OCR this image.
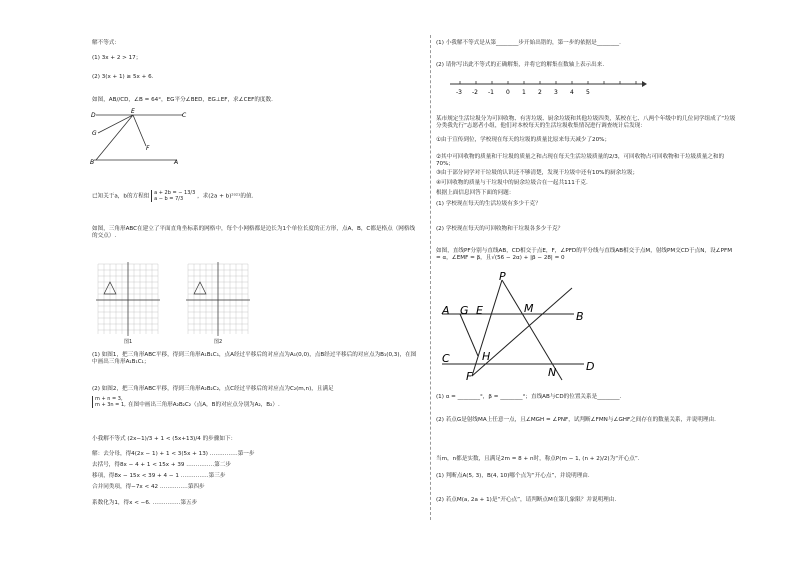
解不等式：
(1) 3x + 2 > 17；
(2) 3(x + 1) ≥ 5x + 6.
如图，AB//CD，∠B = 64°，EG平分∠BED，EG⊥EF，求∠CEF的度数.
D
E
C
G
F
B	A
已知关于a，b的方程组 a + 2b = − 13/3
a − b = 7/3 ，求(2a + b)²⁰²¹的值.
如图，三角形ABC在建立了平面直角坐标系的网格中，每个小网格都是边长为1个单位长度的正方形，点A，B，C都是格点（网格线的交点）.
图1	图2
(1) 如图1，把三角形ABC平移，得到三角形A₁B₁C₁，点A经过平移后的对应点为A₁(0,0)，点B经过平移后的对应点为B₁(0,3)，在图中画出三角形A₁B₁C₁；
(2) 如图2，把三角形ABC平移，得到三角形A₂B₂C₂，点C经过平移后的对应点为C₂(m,n)，且满足
m + n = 3,
m + 3n = 1, 在图中画出三角形A₂B₂C₂（点A，B的对应点分别为A₂，B₂）.
小我解不等式 (2x−1)/3 + 1 < (5x+13)/4 的步骤如下：
解：去分母，得4(2x − 1) + 1 < 3(5x + 13) ……………第一步
去括号，得8x − 4 + 1 < 15x + 39 ……………第二步
移项，得8x − 15x < 39 + 4 − 1 ……………第三步
合并同类项，得−7x < 42 ……………第四步
系数化为1，得x < −6. ……………第五步
(1) 小我解不等式是从第________步开始出错的，第一步的依据是________.
(2) 请你写出此不等式的正确解集，并将它的解集在数轴上表示出来.
-3 -2 -1 0 1 2 3 4 5
某市规定生活垃圾分为可回收物、有害垃圾、厨余垃圾和其他垃圾四类，某校在七、八两个年级中的几位同学组成了“垃圾分类我先行”志愿者小组，他们对本校每天的生活垃圾收集情况进行调查统计后发现：
①由于宣传到位，学校现在每天的垃圾的质量比原来每天减少了20%；
②其中可回收物的质量和干垃圾的质量之和占现在每天生活垃圾质量的2/3，可回收物占可回收物和干垃圾质量之和的70%；
③由于部分同学对干垃圾的认识还不够清楚，发现干垃圾中还有10%的厨余垃圾；
④可回收物的质量与干垃圾中的厨余垃圾合在一起共111千克.
根据上面信息回答下面的问题：
(1) 学校现在每天的生活垃圾有多少千克？
(2) 学校现在每天的可回收物和干垃圾各多少千克？
如图，直线PF分别与直线AB，CD相交于点E，F，∠PFD的平分线与直线AB相交于点M，射线PM交CD于点N，设∠PFM = α，∠EMF = β，且√(56 − 2α) + |β − 28| = 0
P
A G E	M
B
C	H
D
F	N
(1) α = ________°，β = ________°；直线AB与CD的位置关系是________.
(2) 若点G是射线MA上任意一点，且∠MGH = ∠PNF，试判断∠FMN与∠GHF之间存在的数量关系，并说明理由.
当m，n都是实数，且满足2m = 8 + n时，称点P(m − 1, (n + 2)/2)为“开心点”.
(1) 判断点A(5, 3)，B(4, 10)哪个点为“开心点”，并说明理由.
(2) 若点M(a, 2a + 1)是“开心点”，请判断点M在第几象限？并说明理由.
